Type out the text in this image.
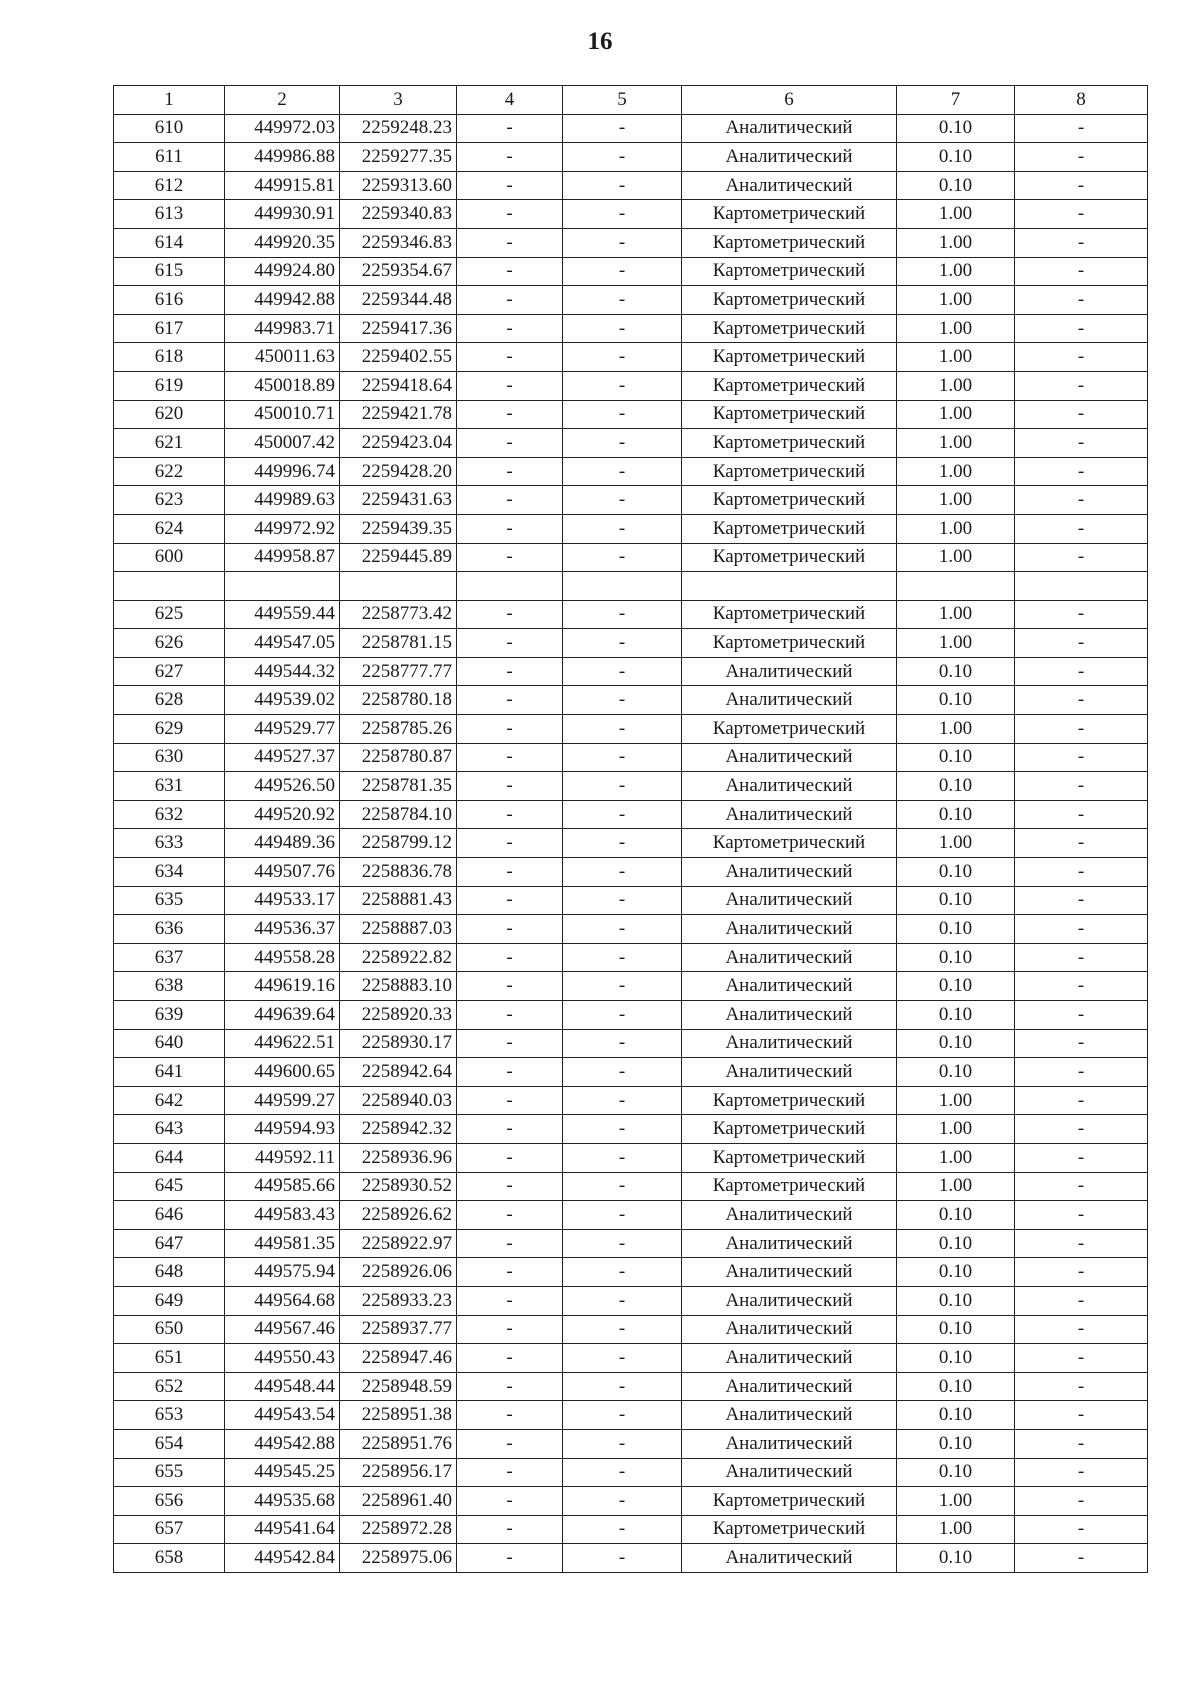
16
1	2	3	4	5	6	7	8
610	449972.03	2259248.23	-	-	Аналитический	0.10	-
611	449986.88	2259277.35	-	-	Аналитический	0.10	-
612	449915.81	2259313.60	-	-	Аналитический	0.10	-
613	449930.91	2259340.83	-	-	Картометрический	1.00	-
614	449920.35	2259346.83	-	-	Картометрический	1.00	-
615	449924.80	2259354.67	-	-	Картометрический	1.00	-
616	449942.88	2259344.48	-	-	Картометрический	1.00	-
617	449983.71	2259417.36	-	-	Картометрический	1.00	-
618	450011.63	2259402.55	-	-	Картометрический	1.00	-
619	450018.89	2259418.64	-	-	Картометрический	1.00	-
620	450010.71	2259421.78	-	-	Картометрический	1.00	-
621	450007.42	2259423.04	-	-	Картометрический	1.00	-
622	449996.74	2259428.20	-	-	Картометрический	1.00	-
623	449989.63	2259431.63	-	-	Картометрический	1.00	-
624	449972.92	2259439.35	-	-	Картометрический	1.00	-
600	449958.87	2259445.89	-	-	Картометрический	1.00	-

625	449559.44	2258773.42	-	-	Картометрический	1.00	-
626	449547.05	2258781.15	-	-	Картометрический	1.00	-
627	449544.32	2258777.77	-	-	Аналитический	0.10	-
628	449539.02	2258780.18	-	-	Аналитический	0.10	-
629	449529.77	2258785.26	-	-	Картометрический	1.00	-
630	449527.37	2258780.87	-	-	Аналитический	0.10	-
631	449526.50	2258781.35	-	-	Аналитический	0.10	-
632	449520.92	2258784.10	-	-	Аналитический	0.10	-
633	449489.36	2258799.12	-	-	Картометрический	1.00	-
634	449507.76	2258836.78	-	-	Аналитический	0.10	-
635	449533.17	2258881.43	-	-	Аналитический	0.10	-
636	449536.37	2258887.03	-	-	Аналитический	0.10	-
637	449558.28	2258922.82	-	-	Аналитический	0.10	-
638	449619.16	2258883.10	-	-	Аналитический	0.10	-
639	449639.64	2258920.33	-	-	Аналитический	0.10	-
640	449622.51	2258930.17	-	-	Аналитический	0.10	-
641	449600.65	2258942.64	-	-	Аналитический	0.10	-
642	449599.27	2258940.03	-	-	Картометрический	1.00	-
643	449594.93	2258942.32	-	-	Картометрический	1.00	-
644	449592.11	2258936.96	-	-	Картометрический	1.00	-
645	449585.66	2258930.52	-	-	Картометрический	1.00	-
646	449583.43	2258926.62	-	-	Аналитический	0.10	-
647	449581.35	2258922.97	-	-	Аналитический	0.10	-
648	449575.94	2258926.06	-	-	Аналитический	0.10	-
649	449564.68	2258933.23	-	-	Аналитический	0.10	-
650	449567.46	2258937.77	-	-	Аналитический	0.10	-
651	449550.43	2258947.46	-	-	Аналитический	0.10	-
652	449548.44	2258948.59	-	-	Аналитический	0.10	-
653	449543.54	2258951.38	-	-	Аналитический	0.10	-
654	449542.88	2258951.76	-	-	Аналитический	0.10	-
655	449545.25	2258956.17	-	-	Аналитический	0.10	-
656	449535.68	2258961.40	-	-	Картометрический	1.00	-
657	449541.64	2258972.28	-	-	Картометрический	1.00	-
658	449542.84	2258975.06	-	-	Аналитический	0.10	-
